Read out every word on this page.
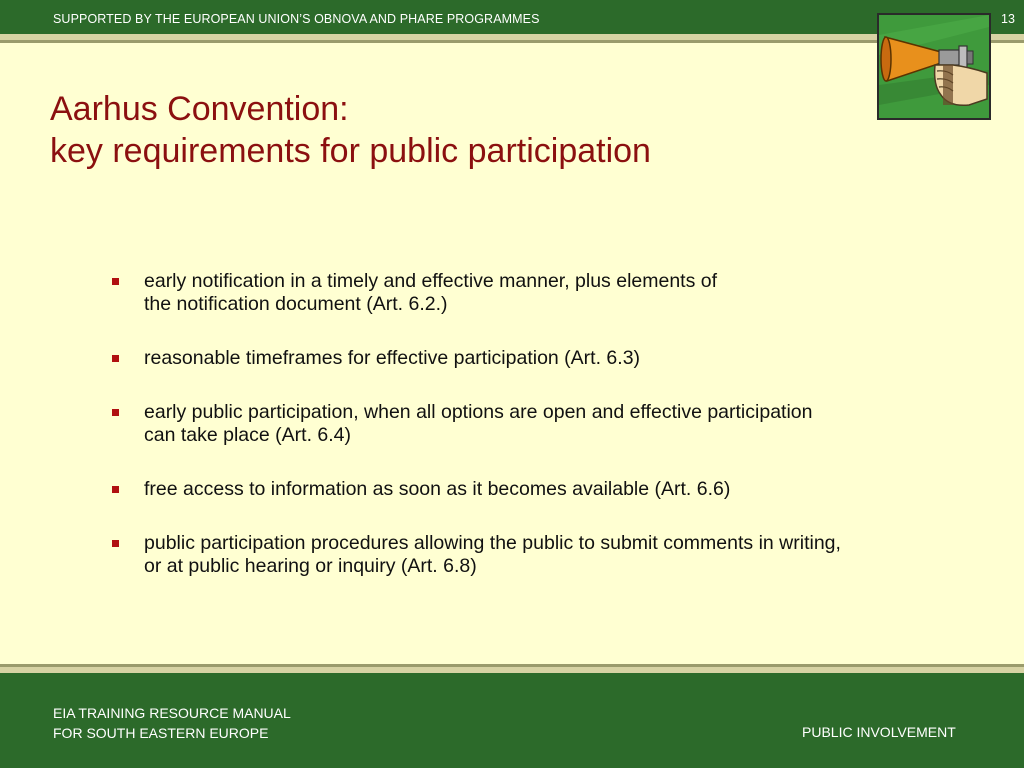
SUPPORTED BY THE EUROPEAN UNION’S OBNOVA AND PHARE PROGRAMMES	13
Aarhus Convention:
key requirements for public participation
early notification in a timely and effective manner, plus elements of
the notification document (Art. 6.2.)
reasonable timeframes for effective participation (Art. 6.3)
early public participation, when all options are open and effective participation
can take place (Art. 6.4)
free access to information as soon as it becomes available (Art. 6.6)
public participation procedures allowing the public to submit comments in writing,
or at public hearing or inquiry (Art. 6.8)
EIA TRAINING RESOURCE MANUAL
FOR SOUTH EASTERN EUROPE	PUBLIC INVOLVEMENT
